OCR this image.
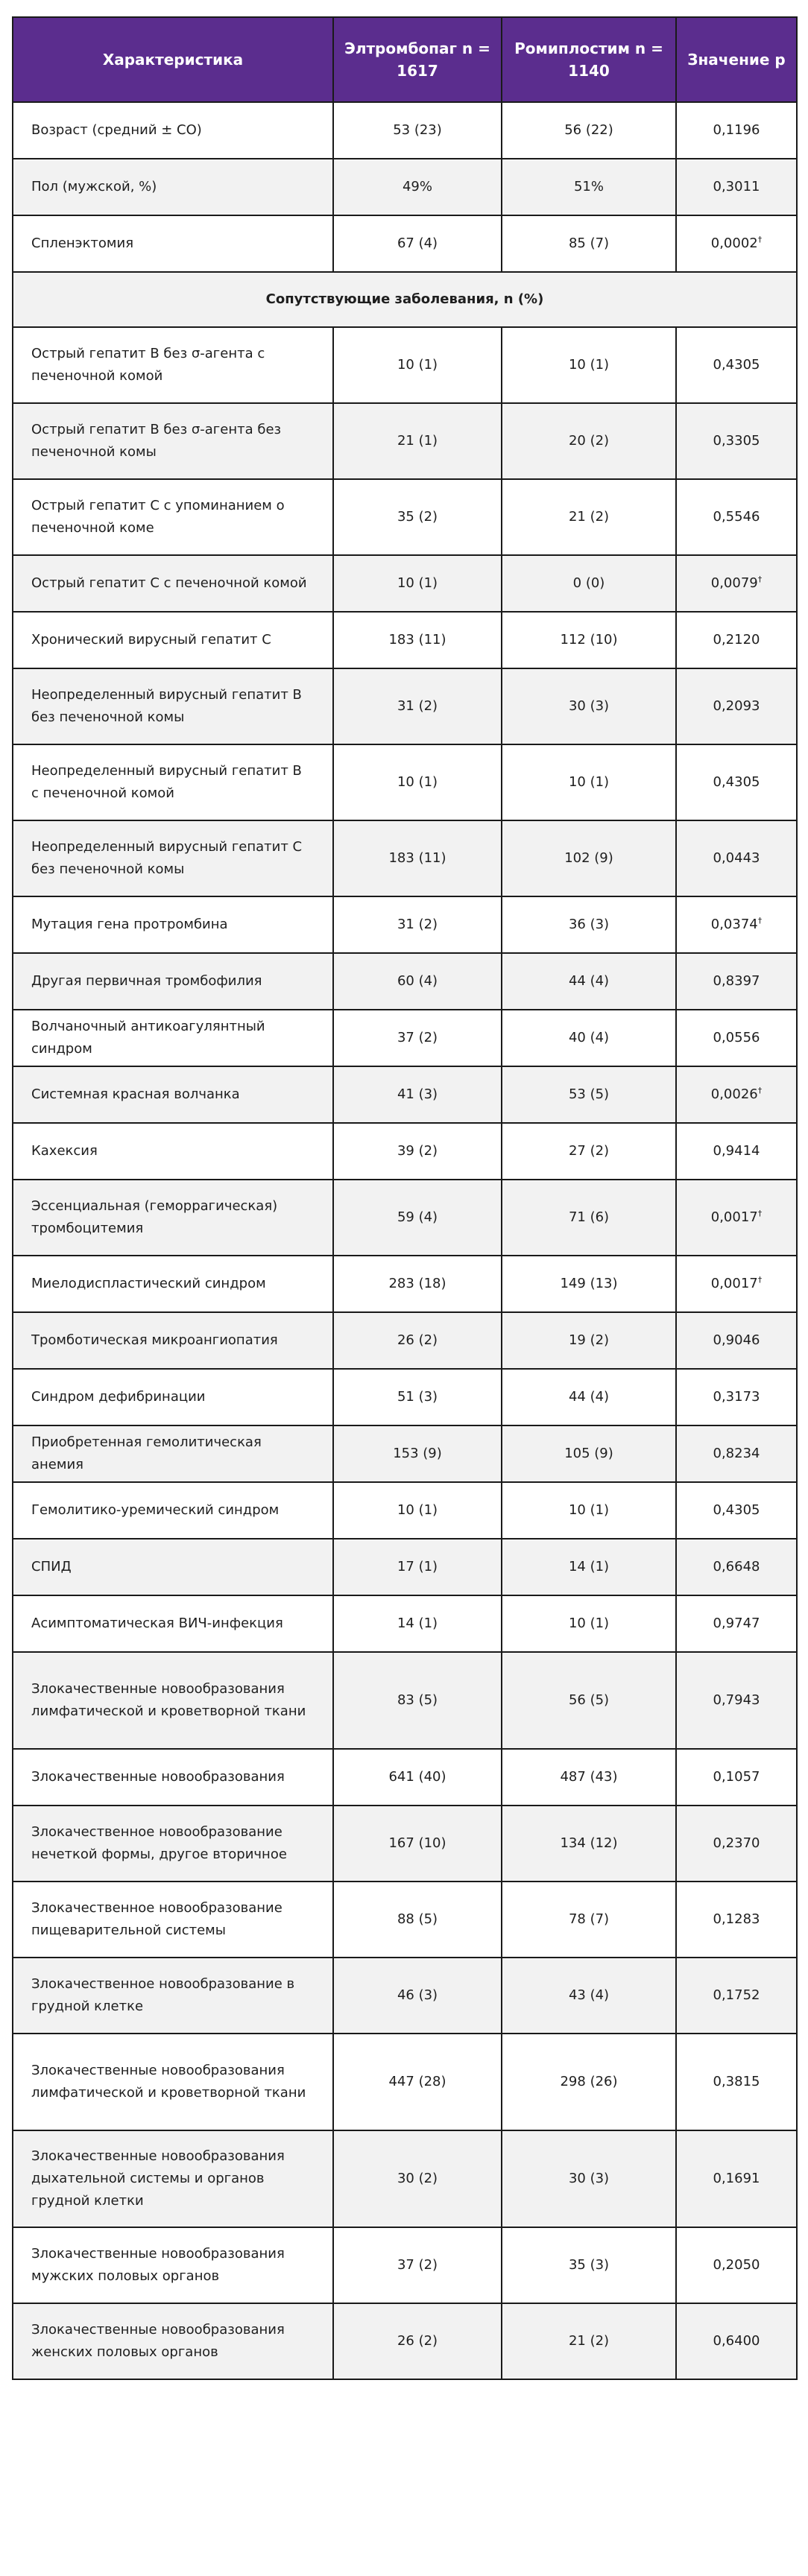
Характеристика	Элтромбопаг n = 1617	Ромиплостим n = 1140	Значение p
Возраст (средний ± СО)	53 (23)	56 (22)	0,1196
Пол (мужской, %)	49%	51%	0,3011
Спленэктомия	67 (4)	85 (7)	0,0002†
Сопутствующие заболевания, n (%)			
Острый гепатит В без σ-агента с печеночной комой	10 (1)	10 (1)	0,4305
Острый гепатит В без σ-агента без печеночной комы	21 (1)	20 (2)	0,3305
Острый гепатит С с упоминанием о печеночной коме	35 (2)	21 (2)	0,5546
Острый гепатит С с печеночной комой	10 (1)	0 (0)	0,0079†
Хронический вирусный гепатит С	183 (11)	112 (10)	0,2120
Неопределенный вирусный гепатит В без печеночной комы	31 (2)	30 (3)	0,2093
Неопределенный вирусный гепатит В с печеночной комой	10 (1)	10 (1)	0,4305
Неопределенный вирусный гепатит С без печеночной комы	183 (11)	102 (9)	0,0443
Мутация гена протромбина	31 (2)	36 (3)	0,0374†
Другая первичная тромбофилия	60 (4)	44 (4)	0,8397
Волчаночный антикоагулянтный синдром	37 (2)	40 (4)	0,0556
Системная красная волчанка	41 (3)	53 (5)	0,0026†
Кахексия	39 (2)	27 (2)	0,9414
Эссенциальная (геморрагическая) тромбоцитемия	59 (4)	71 (6)	0,0017†
Миелодиспластический синдром	283 (18)	149 (13)	0,0017†
Тромботическая микроангиопатия	26 (2)	19 (2)	0,9046
Синдром дефибринации	51 (3)	44 (4)	0,3173
Приобретенная гемолитическая анемия	153 (9)	105 (9)	0,8234
Гемолитико-уремический синдром	10 (1)	10 (1)	0,4305
СПИД	17 (1)	14 (1)	0,6648
Асимптоматическая ВИЧ-инфекция	14 (1)	10 (1)	0,9747
Злокачественные новообразования лимфатической и кроветворной ткани	83 (5)	56 (5)	0,7943
Злокачественные новообразования	641 (40)	487 (43)	0,1057
Злокачественное новообразование нечеткой формы, другое вторичное	167 (10)	134 (12)	0,2370
Злокачественное новообразование пищеварительной системы	88 (5)	78 (7)	0,1283
Злокачественное новообразование в грудной клетке	46 (3)	43 (4)	0,1752
Злокачественные новообразования лимфатической и кроветворной ткани	447 (28)	298 (26)	0,3815
Злокачественные новообразования дыхательной системы и органов грудной клетки	30 (2)	30 (3)	0,1691
Злокачественные новообразования мужских половых органов	37 (2)	35 (3)	0,2050
Злокачественные новообразования женских половых органов	26 (2)	21 (2)	0,6400
